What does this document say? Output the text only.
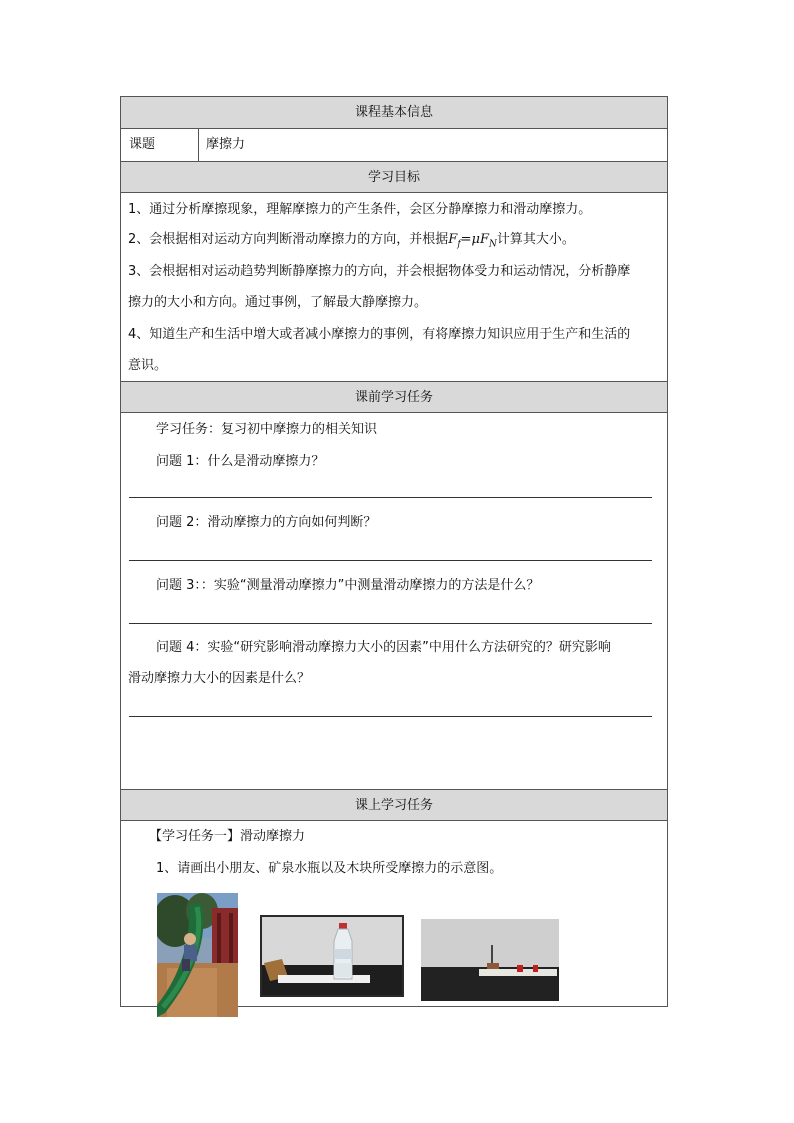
课程基本信息
课题	摩擦力
学习目标
1、通过分析摩擦现象，理解摩擦力的产生条件，会区分静摩擦力和滑动摩擦力。
2、会根据相对运动方向判断滑动摩擦力的方向，并根据$F_f=\mu F_N$计算其大小。
3、会根据相对运动趋势判断静摩擦力的方向，并会根据物体受力和运动情况，分析静摩
擦力的大小和方向。通过事例，了解最大静摩擦力。
4、知道生产和生活中增大或者减小摩擦力的事例，有将摩擦力知识应用于生产和生活的
意识。
课前学习任务
学习任务：复习初中摩擦力的相关知识
问题 1：什么是滑动摩擦力？
问题 2：滑动摩擦力的方向如何判断？
问题 3：：实验“测量滑动摩擦力”中测量滑动摩擦力的方法是什么？
问题 4：实验“研究影响滑动摩擦力大小的因素”中用什么方法研究的？研究影响
滑动摩擦力大小的因素是什么？
课上学习任务
【学习任务一】滑动摩擦力
1、请画出小朋友、矿泉水瓶以及木块所受摩擦力的示意图。
